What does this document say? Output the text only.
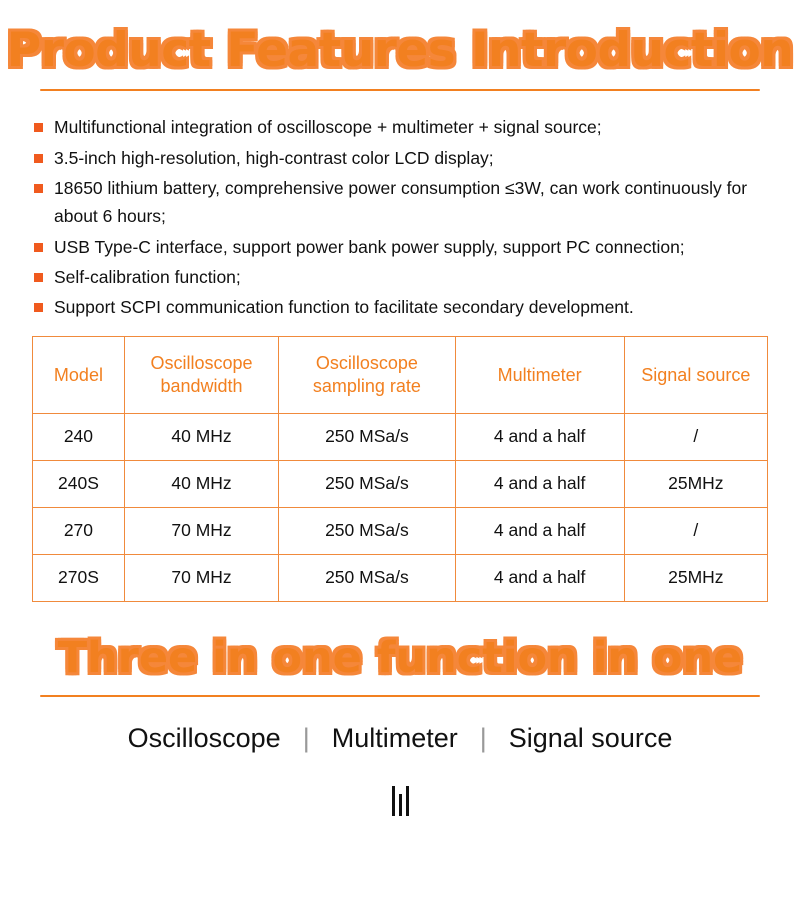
Product Features Introduction
Multifunctional integration of oscilloscope + multimeter + signal source;
3.5-inch high-resolution, high-contrast color LCD display;
18650 lithium battery, comprehensive power consumption ≤3W, can work continuously for about 6 hours;
USB Type-C interface, support power bank power supply, support PC connection;
Self-calibration function;
Support SCPI communication function to facilitate secondary development.
Model	Oscilloscope bandwidth	Oscilloscope sampling rate	Multimeter	Signal source
240	40 MHz	250 MSa/s	4 and a half	/
240S	40 MHz	250 MSa/s	4 and a half	25MHz
270	70 MHz	250 MSa/s	4 and a half	/
270S	70 MHz	250 MSa/s	4 and a half	25MHz
Three in one function in one
Oscilloscope | Multimeter | Signal source
